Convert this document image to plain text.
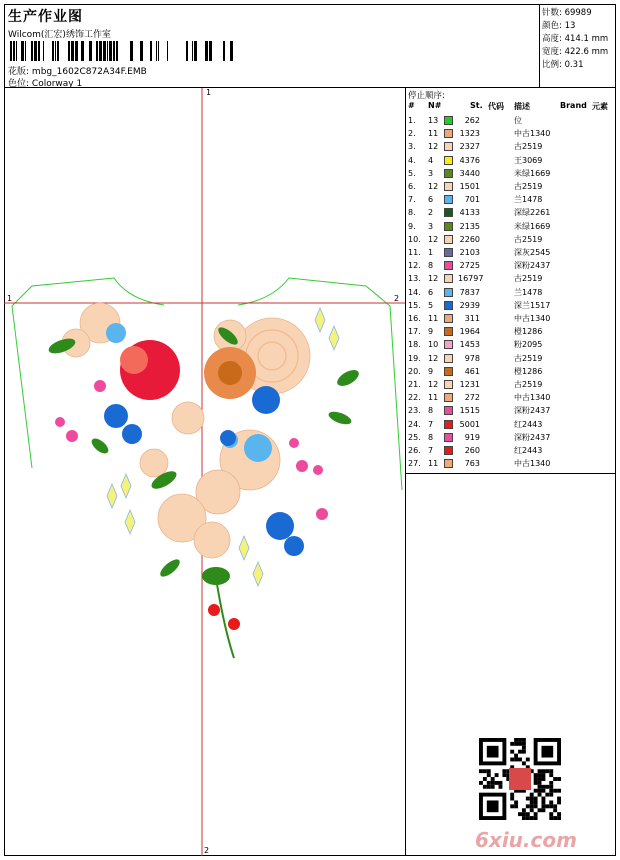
生产作业图
Wilcom(汇宏)绣饰工作室
花版: mbg_1602C872A34F.EMB
色位: Colorway 1
针数: 69989
颜色: 13
高度: 414.1 mm
宽度: 422.6 mm
比例: 0.31
1
1	2
2
停止顺序:
# N#	St. 代码 描述	Brand 元素
1. 13	262	位
2. 11	1323	中古1340
3. 12	2327	古2519
4. 4	4376	王3069
5. 3	3440	米绿1669
6. 12	1501	古2519
7. 6	701	兰1478
8. 2	4133	深绿2261
9. 3	2135	米绿1669
10. 12	2260	古2519
11. 1	2103	深灰2545
12. 8	2725	深粉2437
13. 12 16797	古2519
14. 6	7837	兰1478
15. 5	2939	深兰1517
16. 11	311	中古1340
17. 9	1964	橙1286
18. 10	1453	粉2095
19. 12	978	古2519
20. 9	461	橙1286
21. 12	1231	古2519
22. 11	272	中古1340
23. 8	1515	深粉2437
24. 7	5001	红2443
25. 8	919	深粉2437
26. 7	260	红2443
27. 11	763	中古1340
6xiu.com
